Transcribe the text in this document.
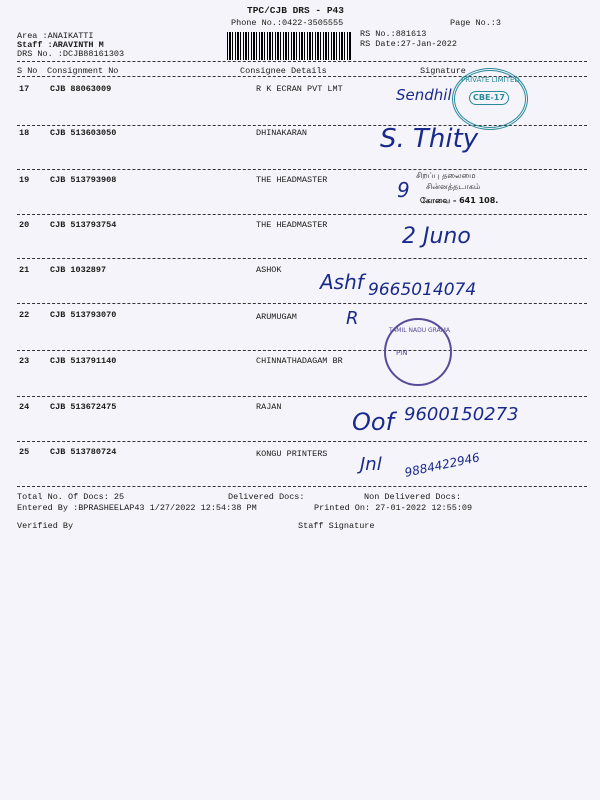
TPC/CJB DRS - P43
Phone No.:0422-3505555	Page No.:3
Area :ANAIKATTI
Staff :ARAVINTH M
DRS No. :DCJB88161303
RS No.:881613
RS Date:27-Jan-2022
S No Consignment No	Consignee Details	Signature
17 CJB 88063009	R K ECRAN PVT LMT
18 CJB 513603050	DHINAKARAN
19 CJB 513793908	THE HEADMASTER
20 CJB 513793754	THE HEADMASTER
21 CJB 1032897	ASHOK
22 CJB 513793070	ARUMUGAM
23 CJB 513791140	CHINNATHADAGAM BR
24 CJB 513672475	RAJAN
25 CJB 513780724	KONGU PRINTERS
Total No. Of Docs: 25	Delivered Docs:	Non Delivered Docs:
Entered By :BPRASHEELAP43 1/27/2022 12:54:38 PM	Printed On: 27-01-2022 12:55:09
Verified By	Staff Signature
PRIVATE LIMITED
CBE-17
சிறப்பு தலைமை
சின்னத்தடாகம்
கோவை - 641 108.
TAMIL NADU GRAMA
PIN
Sendhil
S. Thity
9
2 Juno
Ashf 9665014074
R
Oof 9600150273
Jnl 9884422946
